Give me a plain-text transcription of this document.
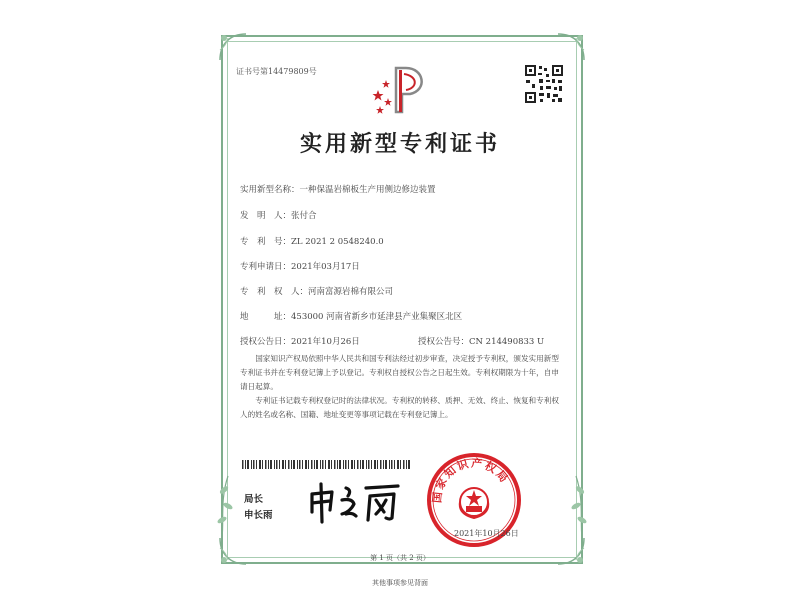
证书号第14479809号
实用新型专利证书
实用新型名称：一种保温岩棉板生产用侧边修边装置
发　明　人：张付合
专　利　号：ZL 2021 2 0548240.0
专利申请日：2021年03月17日
专　利　权　人：河南富源岩棉有限公司
地　　　址：453000 河南省新乡市延津县产业集聚区北区
授权公告日：2021年10月26日	授权公告号：CN 214490833 U

国家知识产权局依照中华人民共和国专利法经过初步审查，决定授予专利权，颁发实用新型专利证书并在专利登记簿上予以登记。专利权自授权公告之日起生效。专利权期限为十年，自申请日起算。

专利证书记载专利权登记时的法律状况。专利权的转移、质押、无效、终止、恢复和专利权人的姓名或名称、国籍、地址变更等事项记载在专利登记簿上。

局长
申长雨
国家知识产权局
2021年10月26日
第 1 页（共 2 页）
其他事项参见背面
